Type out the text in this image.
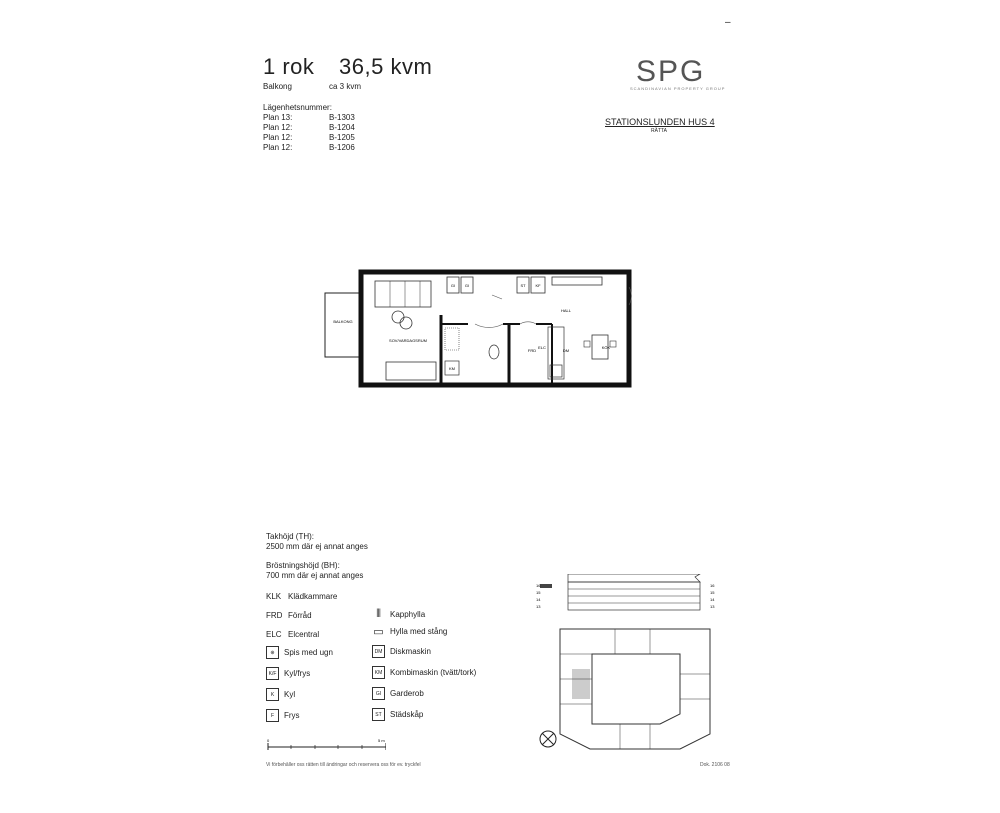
–
1 rok 36,5 kvm
Balkong	ca 3 kvm
Lägenhetsnummer:
Plan 13:	B-1303
Plan 12:	B-1204
Plan 12:	B-1205
Plan 12:	B-1206
SPG
SCANDINAVIAN PROPERTY GROUP
STATIONSLUNDEN HUS 4
RÄTTA
BALKONG
SOV/VARDAGSRUM
HALL
KÖK
FRD
ELC
KM
GI GI	ST KF
DM
Takhöjd (TH):
2500 mm där ej annat anges
Bröstningshöjd (BH):
700 mm där ej annat anges
KLK Klädkammare
FRD Förråd
ELC Elcentral
⊕	Spis med ugn
K/F Kyl/frys
K	Kyl
F	Frys
⫴	Kapphylla
▭ Hylla med stång
DM Diskmaskin
KM Kombimaskin (tvätt/tork)
GI	Garderob
ST	Städskåp
0	5 m
Vi förbehåller oss rätten till ändringar och reservera oss för ev. tryckfel	Dok. 2106 08
16
15
14
13
16
15
14
13
